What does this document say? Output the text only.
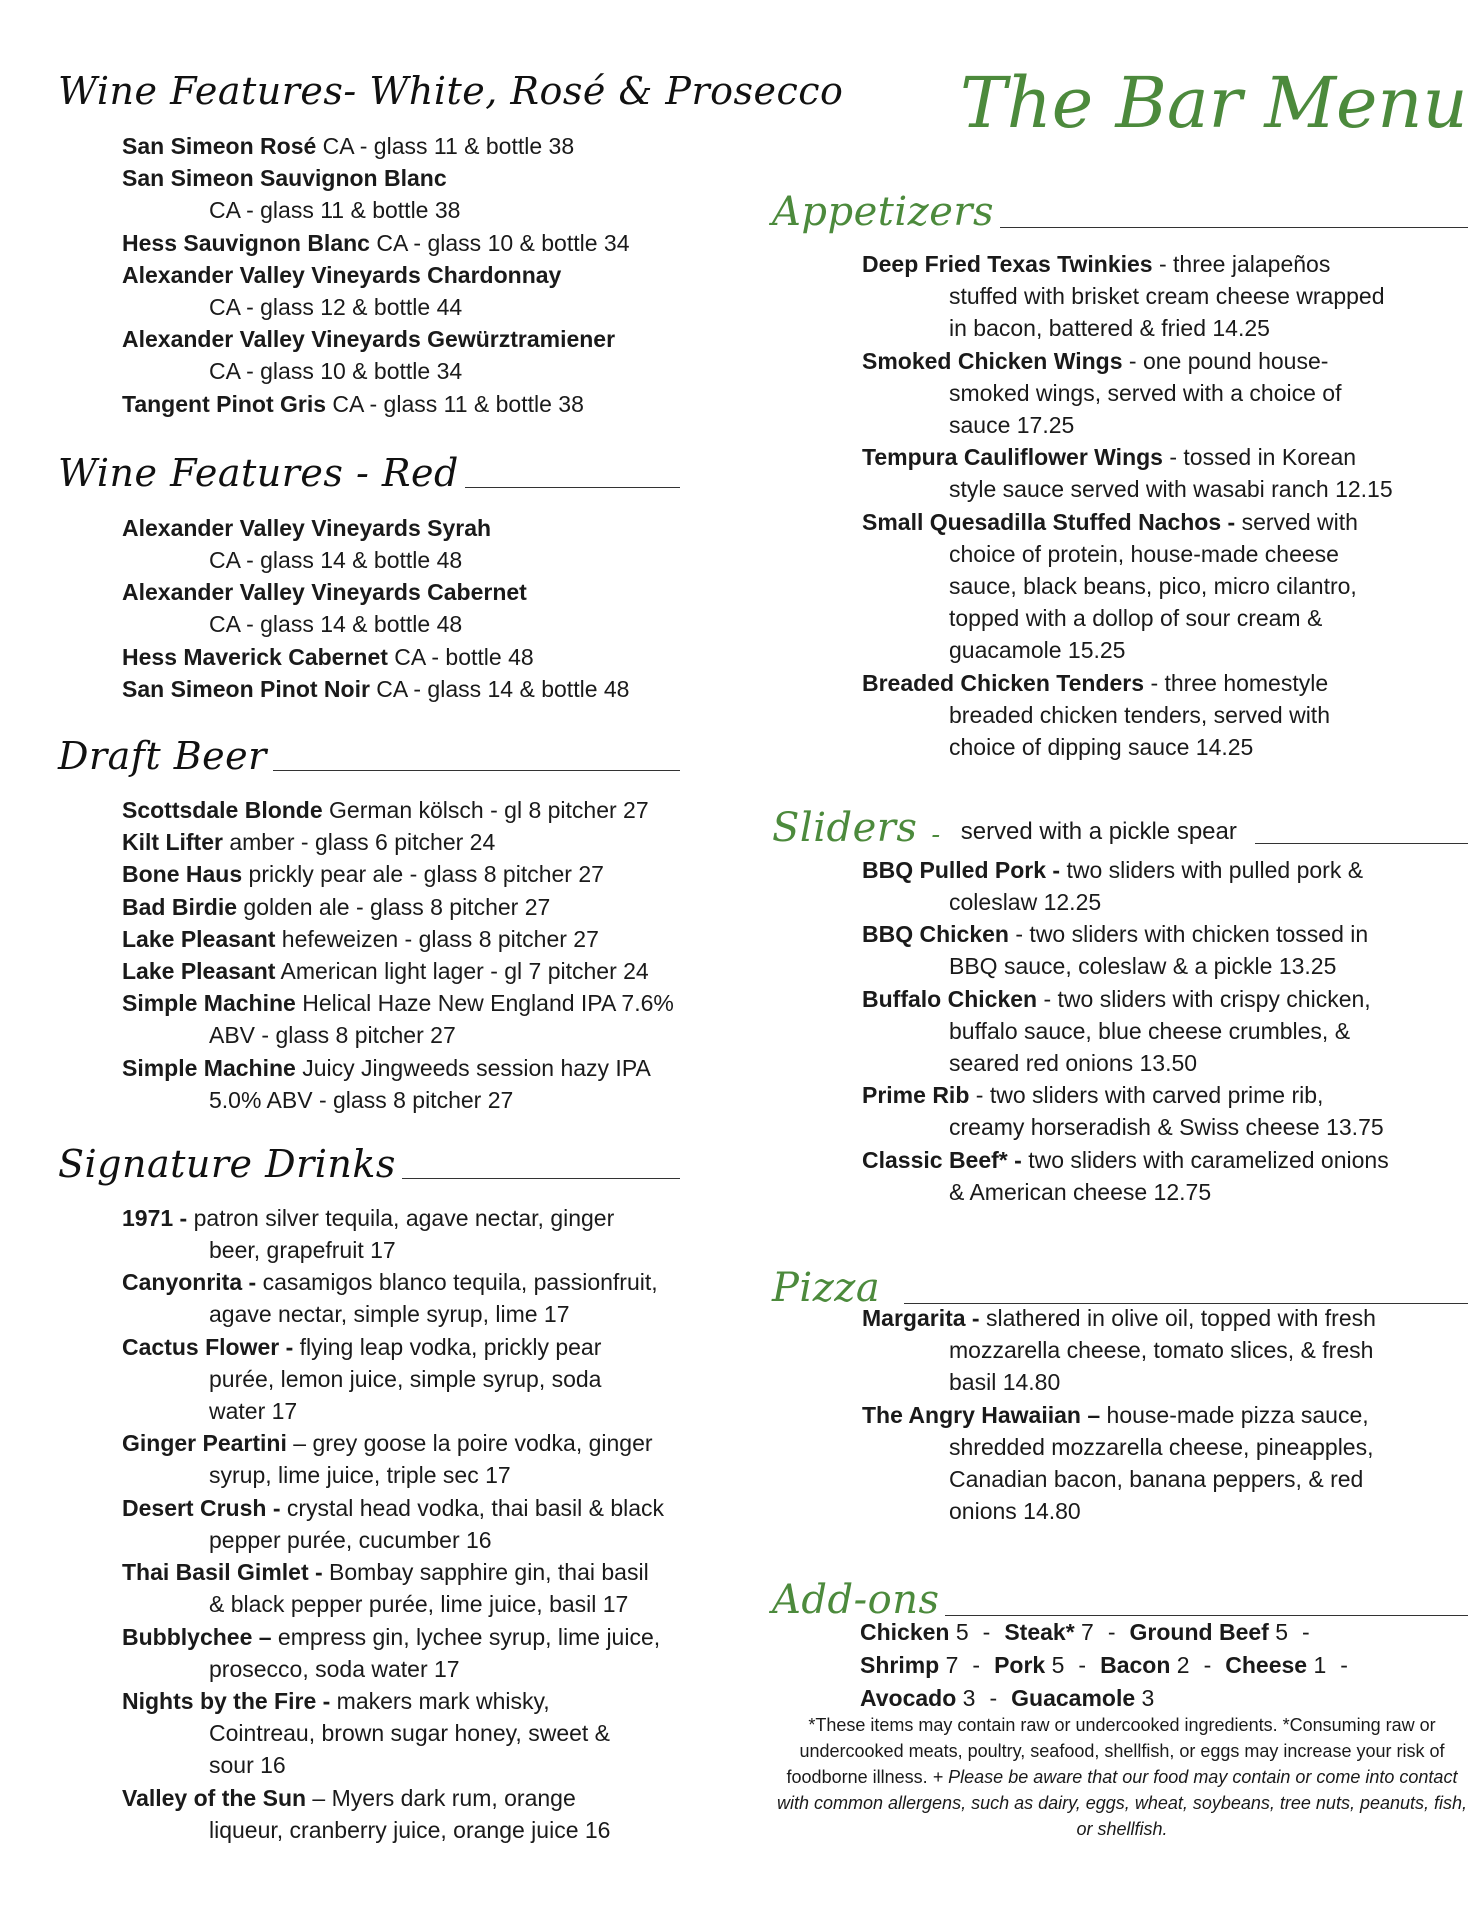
The Bar Menu
Wine Features- White, Rosé & Prosecco
San Simeon Rosé CA - glass 11 & bottle 38
San Simeon Sauvignon Blanc
CA - glass 11 & bottle 38
Hess Sauvignon Blanc CA - glass 10 & bottle 34
Alexander Valley Vineyards Chardonnay
CA - glass 12 & bottle 44
Alexander Valley Vineyards Gewürztramiener
CA - glass 10 & bottle 34
Tangent Pinot Gris CA - glass 11 & bottle 38
Wine Features - Red
Alexander Valley Vineyards Syrah
CA - glass 14 & bottle 48
Alexander Valley Vineyards Cabernet
CA - glass 14 & bottle 48
Hess Maverick Cabernet CA - bottle 48
San Simeon Pinot Noir CA - glass 14 & bottle 48
Draft Beer
Scottsdale Blonde German kölsch - gl 8 pitcher 27
Kilt Lifter amber - glass 6 pitcher 24
Bone Haus prickly pear ale - glass 8 pitcher 27
Bad Birdie golden ale - glass 8 pitcher 27
Lake Pleasant hefeweizen - glass 8 pitcher 27
Lake Pleasant American light lager - gl 7 pitcher 24
Simple Machine Helical Haze New England IPA 7.6%
ABV - glass 8 pitcher 27
Simple Machine Juicy Jingweeds session hazy IPA
5.0% ABV - glass 8 pitcher 27
Signature Drinks
1971 - patron silver tequila, agave nectar, ginger
beer, grapefruit 17
Canyonrita - casamigos blanco tequila, passionfruit,
agave nectar, simple syrup, lime 17
Cactus Flower - flying leap vodka, prickly pear
purée, lemon juice, simple syrup, soda
water 17
Ginger Peartini – grey goose la poire vodka, ginger
syrup, lime juice, triple sec 17
Desert Crush - crystal head vodka, thai basil & black
pepper purée, cucumber 16
Thai Basil Gimlet - Bombay sapphire gin, thai basil
& black pepper purée, lime juice, basil 17
Bubblychee – empress gin, lychee syrup, lime juice,
prosecco, soda water 17
Nights by the Fire - makers mark whisky,
Cointreau, brown sugar honey, sweet &
sour 16
Valley of the Sun – Myers dark rum, orange
liqueur, cranberry juice, orange juice 16
Appetizers
Deep Fried Texas Twinkies - three jalapeños
stuffed with brisket cream cheese wrapped
in bacon, battered & fried 14.25
Smoked Chicken Wings - one pound house-
smoked wings, served with a choice of
sauce 17.25
Tempura Cauliflower Wings - tossed in Korean
style sauce served with wasabi ranch 12.15
Small Quesadilla Stuffed Nachos - served with
choice of protein, house-made cheese
sauce, black beans, pico, micro cilantro,
topped with a dollop of sour cream &
guacamole 15.25
Breaded Chicken Tenders - three homestyle
breaded chicken tenders, served with
choice of dipping sauce 14.25
Sliders - served with a pickle spear
BBQ Pulled Pork - two sliders with pulled pork &
coleslaw 12.25
BBQ Chicken - two sliders with chicken tossed in
BBQ sauce, coleslaw & a pickle 13.25
Buffalo Chicken - two sliders with crispy chicken,
buffalo sauce, blue cheese crumbles, &
seared red onions 13.50
Prime Rib - two sliders with carved prime rib,
creamy horseradish & Swiss cheese 13.75
Classic Beef* - two sliders with caramelized onions
& American cheese 12.75
Pizza
Margarita - slathered in olive oil, topped with fresh
mozzarella cheese, tomato slices, & fresh
basil 14.80
The Angry Hawaiian – house-made pizza sauce,
shredded mozzarella cheese, pineapples,
Canadian bacon, banana peppers, & red
onions 14.80
Add-ons
Chicken 5 - Steak* 7 - Ground Beef 5 -
Shrimp 7 - Pork 5 - Bacon 2 - Cheese 1 -
Avocado 3 - Guacamole 3
*These items may contain raw or undercooked ingredients. *Consuming raw or undercooked meats, poultry, seafood, shellfish, or eggs may increase your risk of foodborne illness. + Please be aware that our food may contain or come into contact with common allergens, such as dairy, eggs, wheat, soybeans, tree nuts, peanuts, fish, or shellfish.
